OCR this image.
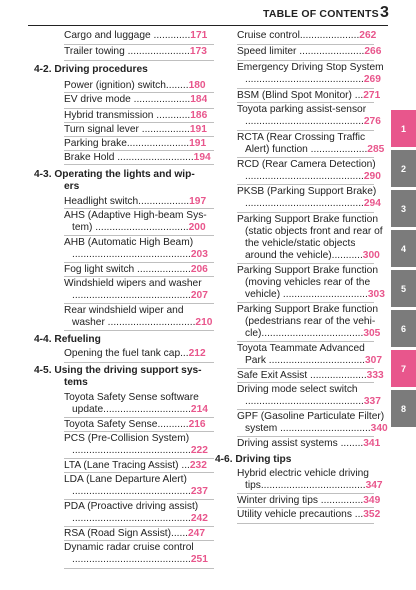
TABLE OF CONTENTS 3
Cargo and luggage .............171
Trailer towing ......................173
4-2. Driving procedures
Power (ignition) switch........180
EV drive mode ....................184
Hybrid transmission ............186
Turn signal lever .................191
Parking brake......................191
Brake Hold ...........................194
4-3. Operating the lights and wip-
ers
Headlight switch..................197
AHS (Adaptive High-beam Sys-
tem) .................................200
AHB (Automatic High Beam)
..........................................203
Fog light switch ...................206
Windshield wipers and washer
..........................................207
Rear windshield wiper and
washer ...............................210
4-4. Refueling
Opening the fuel tank cap...212
4-5. Using the driving support sys-
tems
Toyota Safety Sense software
update...............................214
Toyota Safety Sense...........216
PCS (Pre-Collision System)
..........................................222
LTA (Lane Tracing Assist) ...232
LDA (Lane Departure Alert)
..........................................237
PDA (Proactive driving assist)
..........................................242
RSA (Road Sign Assist)......247
Dynamic radar cruise control
..........................................251
Cruise control.....................262
Speed limiter .......................266
Emergency Driving Stop System
..........................................269
BSM (Blind Spot Monitor) ...271
Toyota parking assist-sensor
..........................................276
RCTA (Rear Crossing Traffic
Alert) function ....................285
RCD (Rear Camera Detection)
..........................................290
PKSB (Parking Support Brake)
..........................................294
Parking Support Brake function
(static objects front and rear of
the vehicle/static objects
around the vehicle)...........300
Parking Support Brake function
(moving vehicles rear of the
vehicle) ..............................303
Parking Support Brake function
(pedestrians rear of the vehi-
cle)....................................305
Toyota Teammate Advanced
Park ..................................307
Safe Exit Assist ....................333
Driving mode select switch
..........................................337
GPF (Gasoline Particulate Filter)
system ................................340
Driving assist systems ........341
4-6. Driving tips
Hybrid electric vehicle driving
tips.....................................347
Winter driving tips ...............349
Utility vehicle precautions ...352
1
2
3
4
5
6
7
8
